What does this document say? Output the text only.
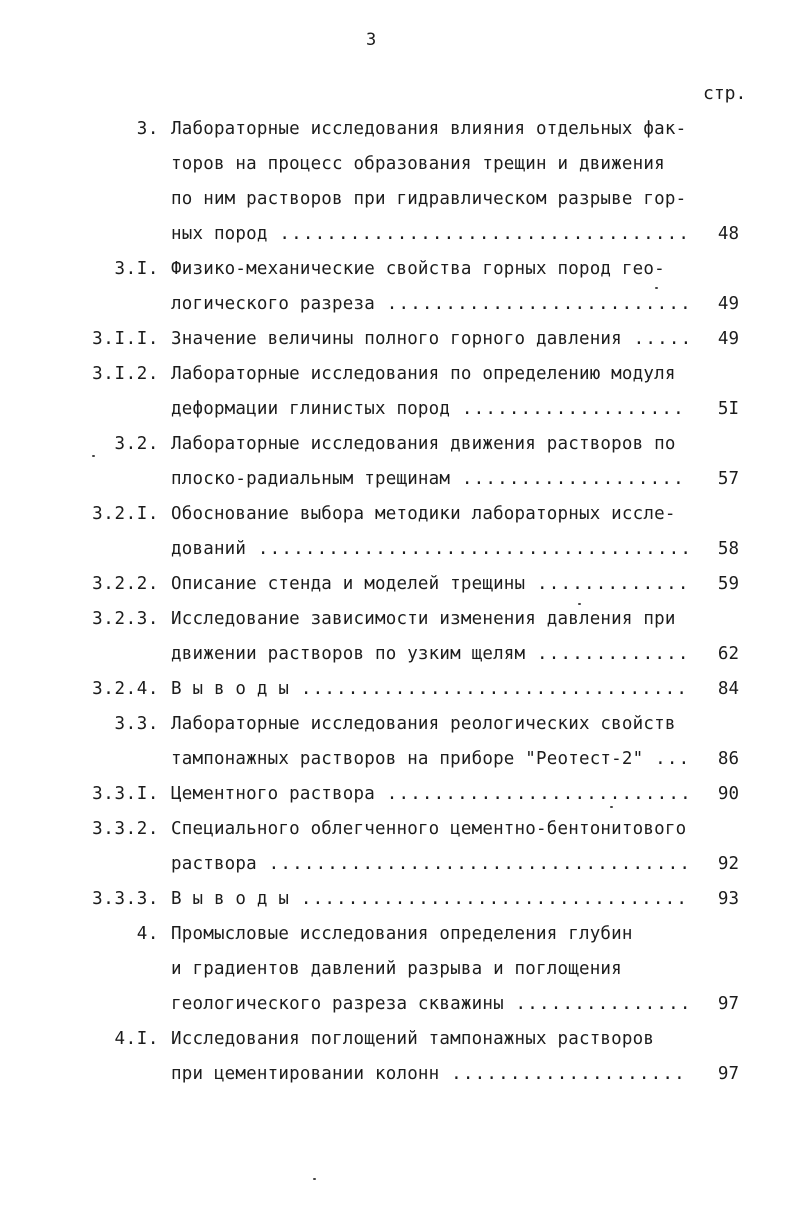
3
стр.
3. Лабораторные исследования влияния отдельных фак-
торов на процесс образования трещин и движения
по ним растворов при гидравлическом разрыве гор-
ных пород .....	48
3.I. Физико-механические свойства горных пород гео-
логического разреза .....	49
3.I.I. Значение величины полного горного давления .....	49
3.I.2. Лабораторные исследования по определению модуля
деформации глинистых пород .....	5I
3.2. Лабораторные исследования движения растворов по
плоско-радиальным трещинам .....	57
3.2.I. Обоснование выбора методики лабораторных иссле-
дований .....	58
3.2.2. Описание стенда и моделей трещины .....	59
3.2.3. Исследование зависимости изменения давления при
движении растворов по узким щелям .....	62
3.2.4. В ы в о д ы .....	84
3.3. Лабораторные исследования реологических свойств
тампонажных растворов на приборе "Реотест-2" .....	86
3.3.I. Цементного раствора .....	90
3.3.2. Специального облегченного цементно-бентонитового
раствора .....	92
3.3.3. В ы в о д ы .....	93
4. Промысловые исследования определения глубин
и градиентов давлений разрыва и поглощения
геологического разреза скважины .....	97
4.I. Исследования поглощений тампонажных растворов
при цементировании колонн .....	97
